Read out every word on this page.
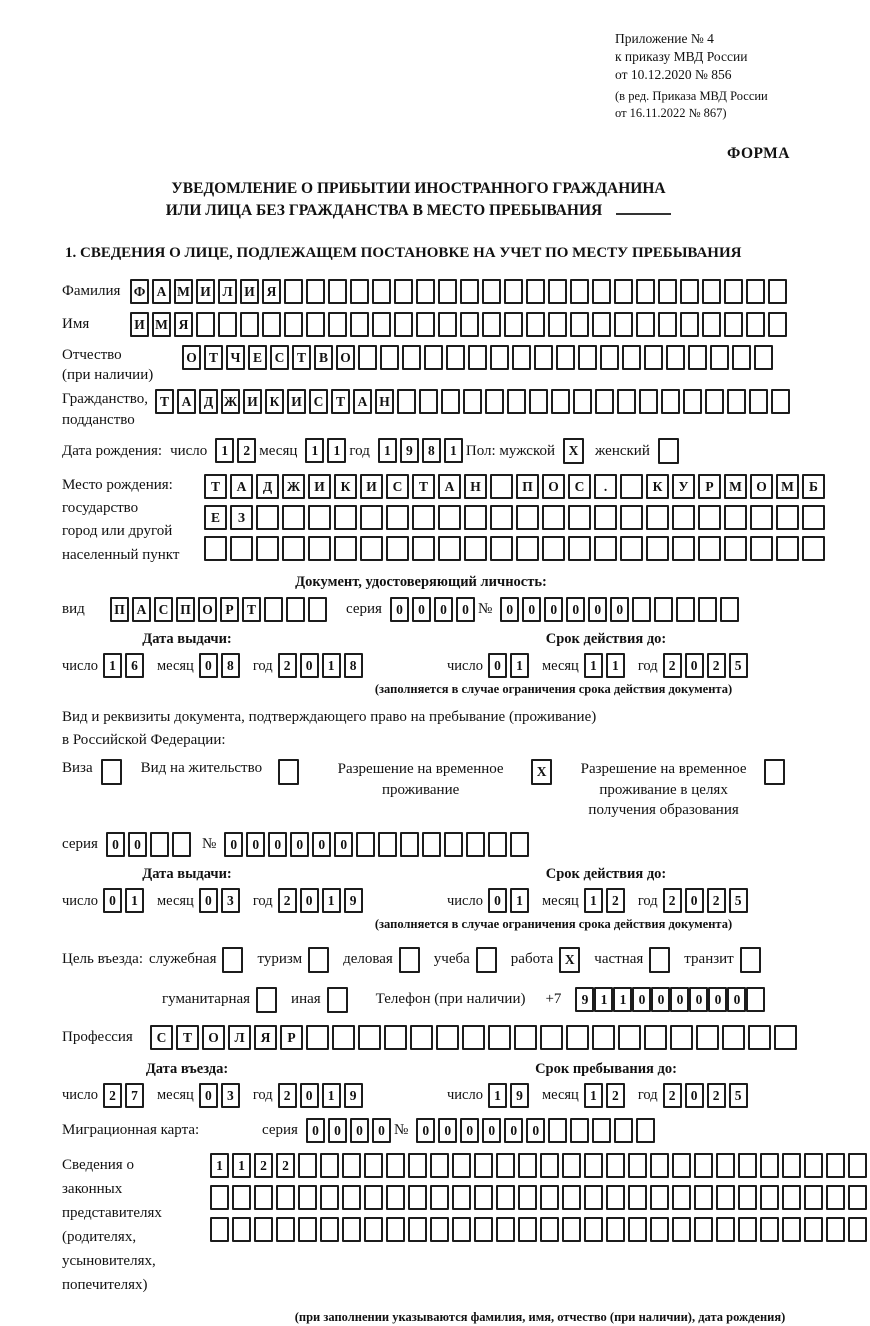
Приложение № 4
к приказу МВД России
от 10.12.2020 № 856
(в ред. Приказа МВД России
от 16.11.2022 № 867)
ФОРМА
УВЕДОМЛЕНИЕ О ПРИБЫТИИ ИНОСТРАННОГО ГРАЖДАНИНА
ИЛИ ЛИЦА БЕЗ ГРАЖДАНСТВА В МЕСТО ПРЕБЫВАНИЯ
1. СВЕДЕНИЯ О ЛИЦЕ, ПОДЛЕЖАЩЕМ ПОСТАНОВКЕ НА УЧЕТ ПО МЕСТУ ПРЕБЫВАНИЯ
Фамилия Ф А М И Л И Я
Имя	И М Я
Отчество
(при наличии)
О Т Ч Е С Т В О
Гражданство,
подданство
Т А Д Ж И К И С Т А Н
Дата рождения: число	1 2 месяц	1 1 год	1 9 8 1 Пол: мужской	X	женский
Место рождения:
государство
город или другой
населенный пункт
Т А Д Ж И К И С Т А Н	П О С .	К У Р М О М Б
Е З
Документ, удостоверяющий личность:
вид	П А С П О Р Т	серия	0 0 0 0 №	0 0 0 0 0 0
Дата выдачи:
число 1	6	месяц 0	8	год 2	0	1	8
Срок действия до:
число 0	1	месяц 1	1	год 2	0	2	5
(заполняется в случае ограничения срока действия документа)
Вид и реквизиты документа, подтверждающего право на пребывание (проживание)
в Российской Федерации:
Виза	Вид на жительство	Разрешение на временное проживание
X	Разрешение на временное проживание в целях получения образования
серия	0 0	№	0 0 0 0 0 0
Дата выдачи:
число 0	1	месяц 0	3	год 2	0	1	9
Срок действия до:
число 0	1	месяц 1	2	год 2	0	2	5
(заполняется в случае ограничения срока действия документа)
Цель въезда: служебная	туризм	деловая	учеба	работа X	частная	транзит
гуманитарная	иная	Телефон (при наличии) +7	9 1 1 0 0 0 0 0 0
Профессия	С Т О Л Я Р
Дата въезда:
число 2	7	месяц 0	3	год 2	0	1	9
Срок пребывания до:
число 1	9	месяц 1	2	год 2	0	2	5
Миграционная карта:	серия	0 0 0 0 №	0 0 0 0 0 0
Сведения о
законных
представителях
(родителях,
усыновителях,
попечителях)
1 1 2 2
(при заполнении указываются фамилия, имя, отчество (при наличии), дата рождения)
